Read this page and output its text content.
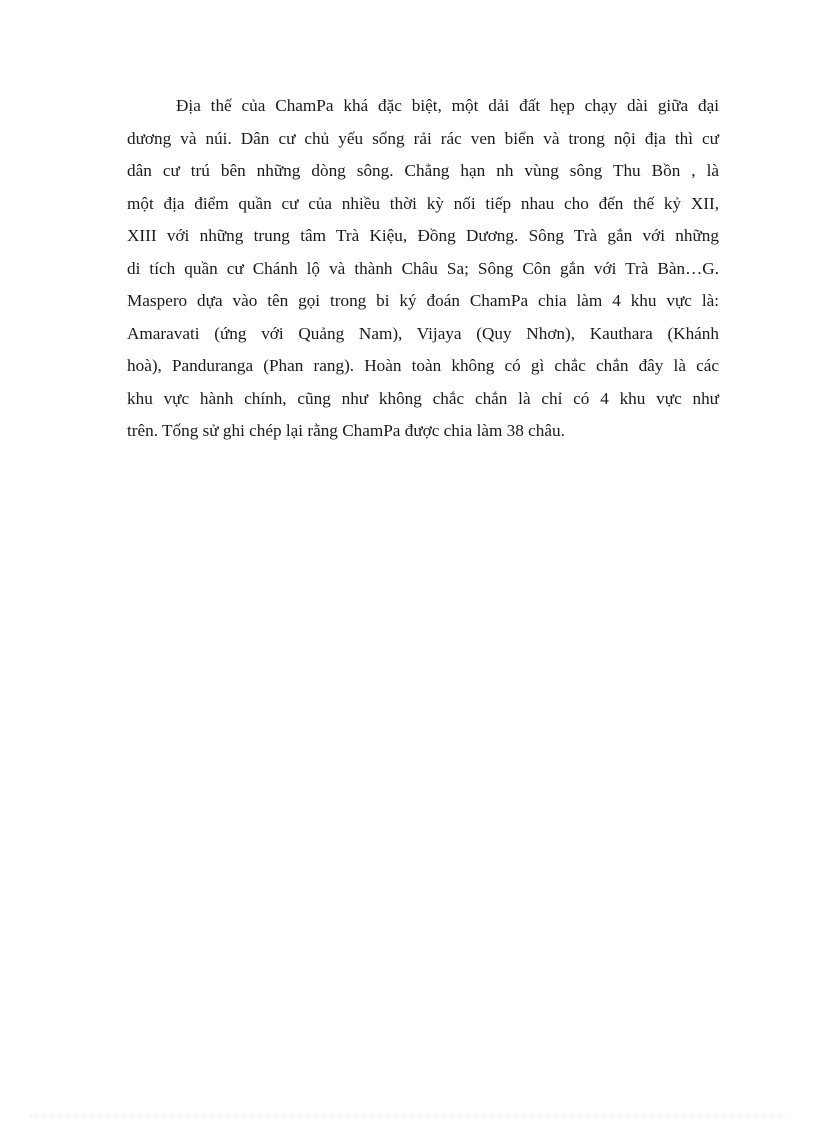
Địa thế của ChamPa khá đặc biệt, một dải đất hẹp chạy dài giữa đại
dương và núi. Dân cư chủ yếu sống rải rác ven biển và trong nội địa thì cư
dân cư trú bên những dòng sông. Chẳng hạn nh vùng sông Thu Bồn , là
một địa điểm quần cư của nhiều thời kỳ nối tiếp nhau cho đến thế kỷ XII,
XIII với những trung tâm Trà Kiệu, Đồng Dương. Sông Trà gắn với những
di tích quần cư Chánh lộ và thành Châu Sa; Sông Côn gắn với Trà Bàn…G.
Maspero dựa vào tên gọi trong bi ký đoán ChamPa chia làm 4 khu vực là:
Amaravati (ứng với Quảng Nam), Vijaya (Quy Nhơn), Kauthara (Khánh
hoà), Panduranga (Phan rang). Hoàn toàn không có gì chắc chắn đây là các
khu vực hành chính, cũng như không chắc chắn là chỉ có 4 khu vực như
trên. Tống sử ghi chép lại rằng ChamPa được chia làm 38 châu.
